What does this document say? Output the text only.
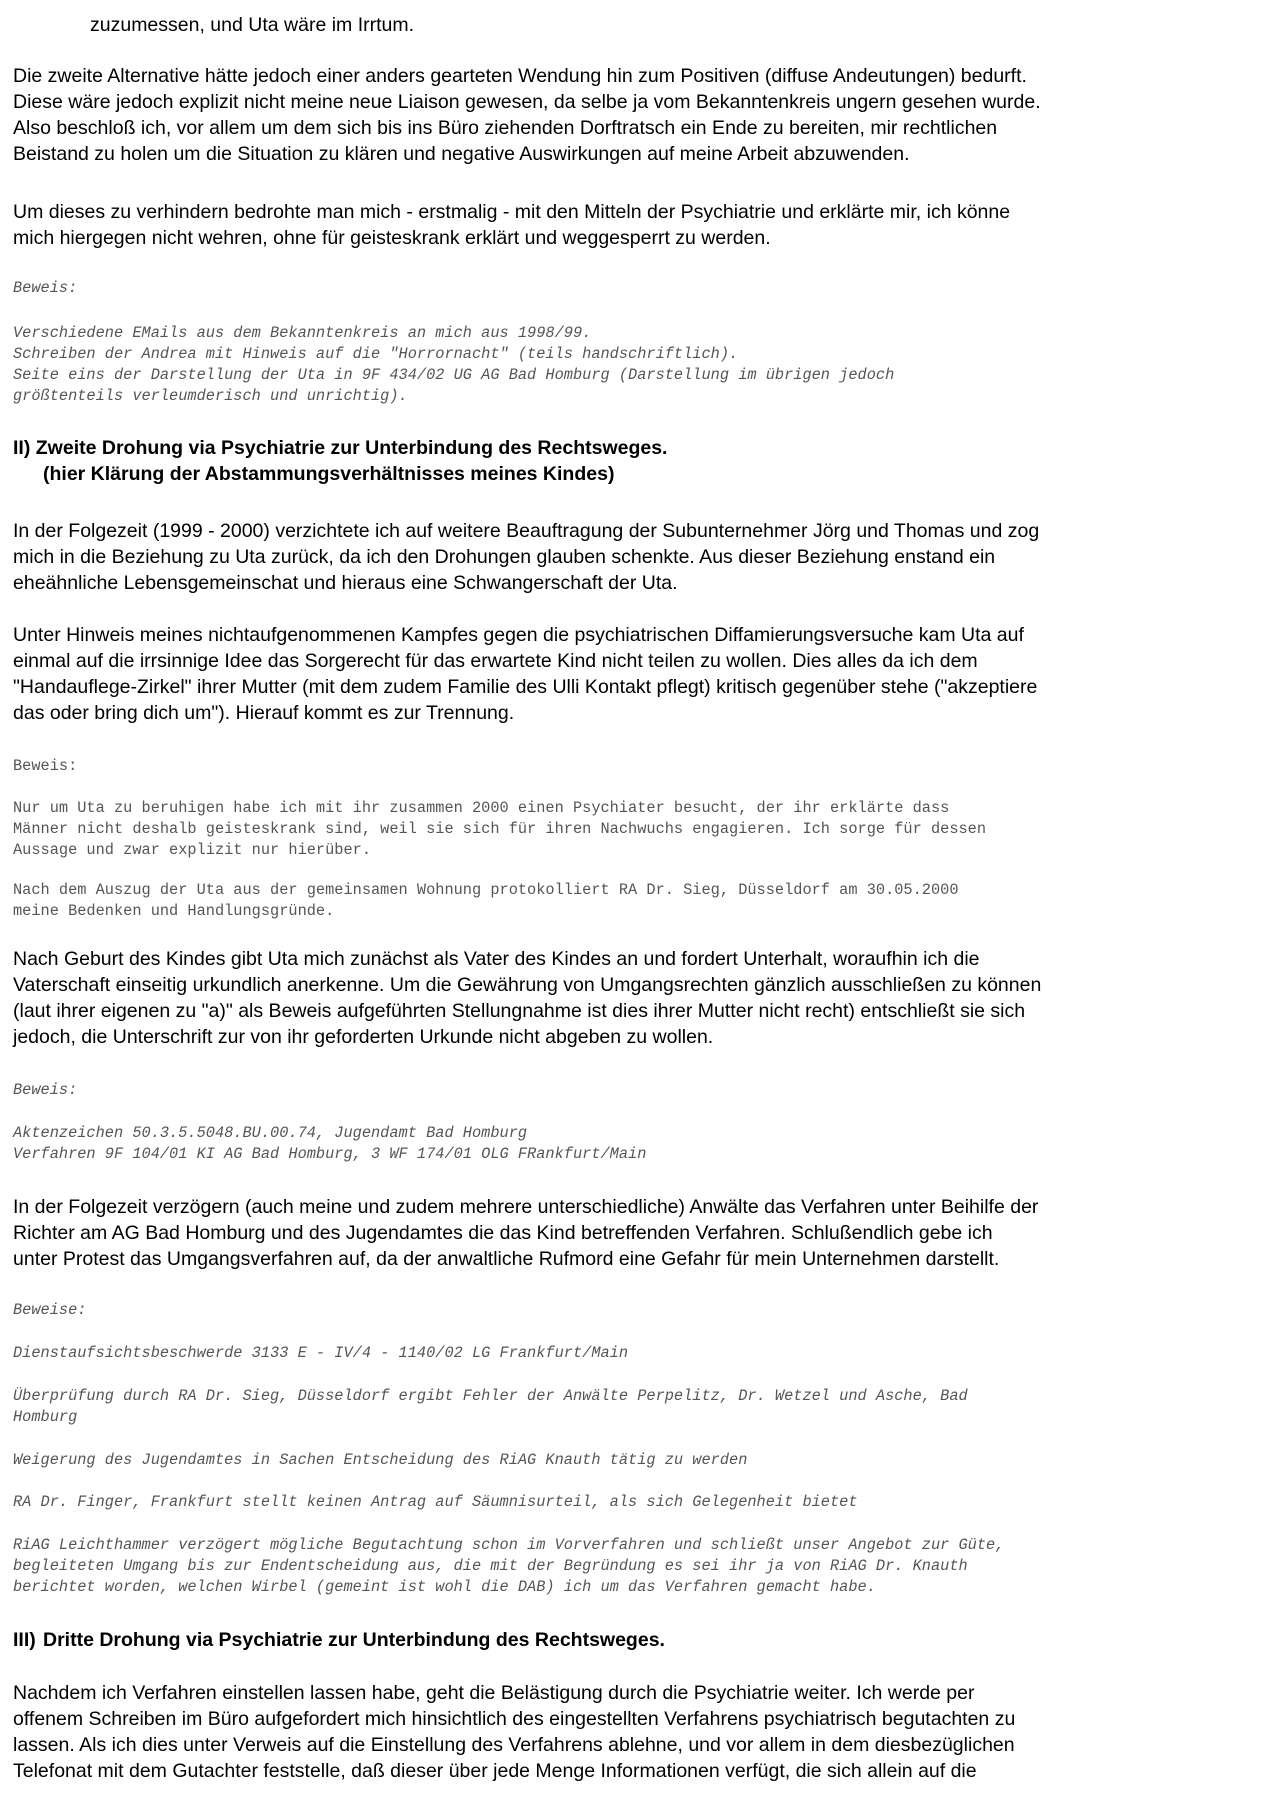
zuzumessen, und Uta wäre im Irrtum.

Die zweite Alternative hätte jedoch einer anders gearteten Wendung hin zum Positiven (diffuse Andeutungen) bedurft.

Diese wäre jedoch explizit nicht meine neue Liaison gewesen, da selbe ja vom Bekanntenkreis ungern gesehen wurde.

Also beschloß ich, vor allem um dem sich bis ins Büro ziehenden Dorftratsch ein Ende zu bereiten, mir rechtlichen

Beistand zu holen um die Situation zu klären und negative Auswirkungen auf meine Arbeit abzuwenden.

Um dieses zu verhindern bedrohte man mich - erstmalig - mit den Mitteln der Psychiatrie und erklärte mir, ich könne

mich hiergegen nicht wehren, ohne für geisteskrank erklärt und weggesperrt zu werden.

Beweis:

Verschiedene EMails aus dem Bekanntenkreis an mich aus 1998/99.

Schreiben der Andrea mit Hinweis auf die "Horrornacht" (teils handschriftlich).

Seite eins der Darstellung der Uta in 9F 434/02 UG AG Bad Homburg (Darstellung im übrigen jedoch

größtenteils verleumderisch und unrichtig).

II) Zweite Drohung via Psychiatrie zur Unterbindung des Rechtsweges.

(hier Klärung der Abstammungsverhältnisses meines Kindes)

In der Folgezeit (1999 - 2000) verzichtete ich auf weitere Beauftragung der Subunternehmer Jörg und Thomas und zog

mich in die Beziehung zu Uta zurück, da ich den Drohungen glauben schenkte. Aus dieser Beziehung enstand ein

eheähnliche Lebensgemeinschat und hieraus eine Schwangerschaft der Uta.

Unter Hinweis meines nichtaufgenommenen Kampfes gegen die psychiatrischen Diffamierungsversuche kam Uta auf

einmal auf die irrsinnige Idee das Sorgerecht für das erwartete Kind nicht teilen zu wollen. Dies alles da ich dem

"Handauflege-Zirkel" ihrer Mutter (mit dem zudem Familie des Ulli Kontakt pflegt) kritisch gegenüber stehe ("akzeptiere

das oder bring dich um"). Hierauf kommt es zur Trennung.

Beweis:

Nur um Uta zu beruhigen habe ich mit ihr zusammen 2000 einen Psychiater besucht, der ihr erklärte dass

Männer nicht deshalb geisteskrank sind, weil sie sich für ihren Nachwuchs engagieren. Ich sorge für dessen

Aussage und zwar explizit nur hierüber.

Nach dem Auszug der Uta aus der gemeinsamen Wohnung protokolliert RA Dr. Sieg, Düsseldorf am 30.05.2000

meine Bedenken und Handlungsgründe.

Nach Geburt des Kindes gibt Uta mich zunächst als Vater des Kindes an und fordert Unterhalt, woraufhin ich die

Vaterschaft einseitig urkundlich anerkenne. Um die Gewährung von Umgangsrechten gänzlich ausschließen zu können

(laut ihrer eigenen zu "a)" als Beweis aufgeführten Stellungnahme ist dies ihrer Mutter nicht recht) entschließt sie sich

jedoch, die Unterschrift zur von ihr geforderten Urkunde nicht abgeben zu wollen.

Beweis:

Aktenzeichen 50.3.5.5048.BU.00.74, Jugendamt Bad Homburg

Verfahren 9F 104/01 KI AG Bad Homburg, 3 WF 174/01 OLG FRankfurt/Main

In der Folgezeit verzögern (auch meine und zudem mehrere unterschiedliche) Anwälte das Verfahren unter Beihilfe der

Richter am AG Bad Homburg und des Jugendamtes die das Kind betreffenden Verfahren. Schlußendlich gebe ich

unter Protest das Umgangsverfahren auf, da der anwaltliche Rufmord eine Gefahr für mein Unternehmen darstellt.

Beweise:

Dienstaufsichtsbeschwerde 3133 E - IV/4 - 1140/02 LG Frankfurt/Main

Überprüfung durch RA Dr. Sieg, Düsseldorf ergibt Fehler der Anwälte Perpelitz, Dr. Wetzel und Asche, Bad

Homburg

Weigerung des Jugendamtes in Sachen Entscheidung des RiAG Knauth tätig zu werden

RA Dr. Finger, Frankfurt stellt keinen Antrag auf Säumnisurteil, als sich Gelegenheit bietet

RiAG Leichthammer verzögert mögliche Begutachtung schon im Vorverfahren und schließt unser Angebot zur Güte,

begleiteten Umgang bis zur Endentscheidung aus, die mit der Begründung es sei ihr ja von RiAG Dr. Knauth

berichtet worden, welchen Wirbel (gemeint ist wohl die DAB) ich um das Verfahren gemacht habe.

III) Dritte Drohung via Psychiatrie zur Unterbindung des Rechtsweges.

Nachdem ich Verfahren einstellen lassen habe, geht die Belästigung durch die Psychiatrie weiter. Ich werde per

offenem Schreiben im Büro aufgefordert mich hinsichtlich des eingestellten Verfahrens psychiatrisch begutachten zu

lassen. Als ich dies unter Verweis auf die Einstellung des Verfahrens ablehne, und vor allem in dem diesbezüglichen

Telefonat mit dem Gutachter feststelle, daß dieser über jede Menge Informationen verfügt, die sich allein auf die
